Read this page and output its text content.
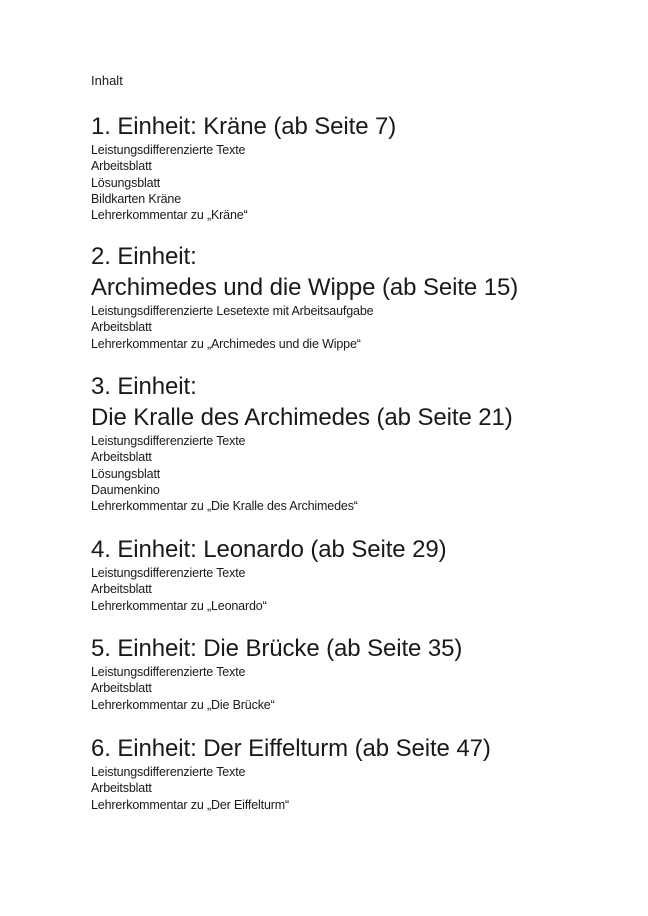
Inhalt
1. Einheit: Kräne (ab Seite 7)
Leistungsdifferenzierte Texte
Arbeitsblatt
Lösungsblatt
Bildkarten Kräne
Lehrerkommentar zu „Kräne“
2. Einheit:
Archimedes und die Wippe (ab Seite 15)
Leistungsdifferenzierte Lesetexte mit Arbeitsaufgabe
Arbeitsblatt
Lehrerkommentar zu „Archimedes und die Wippe“
3. Einheit:
Die Kralle des Archimedes (ab Seite 21)
Leistungsdifferenzierte Texte
Arbeitsblatt
Lösungsblatt
Daumenkino
Lehrerkommentar zu „Die Kralle des Archimedes“
4. Einheit: Leonardo (ab Seite 29)
Leistungsdifferenzierte Texte
Arbeitsblatt
Lehrerkommentar zu „Leonardo“
5. Einheit: Die Brücke (ab Seite 35)
Leistungsdifferenzierte Texte
Arbeitsblatt
Lehrerkommentar zu „Die Brücke“
6. Einheit: Der Eiffelturm (ab Seite 47)
Leistungsdifferenzierte Texte
Arbeitsblatt
Lehrerkommentar zu „Der Eiffelturm“
